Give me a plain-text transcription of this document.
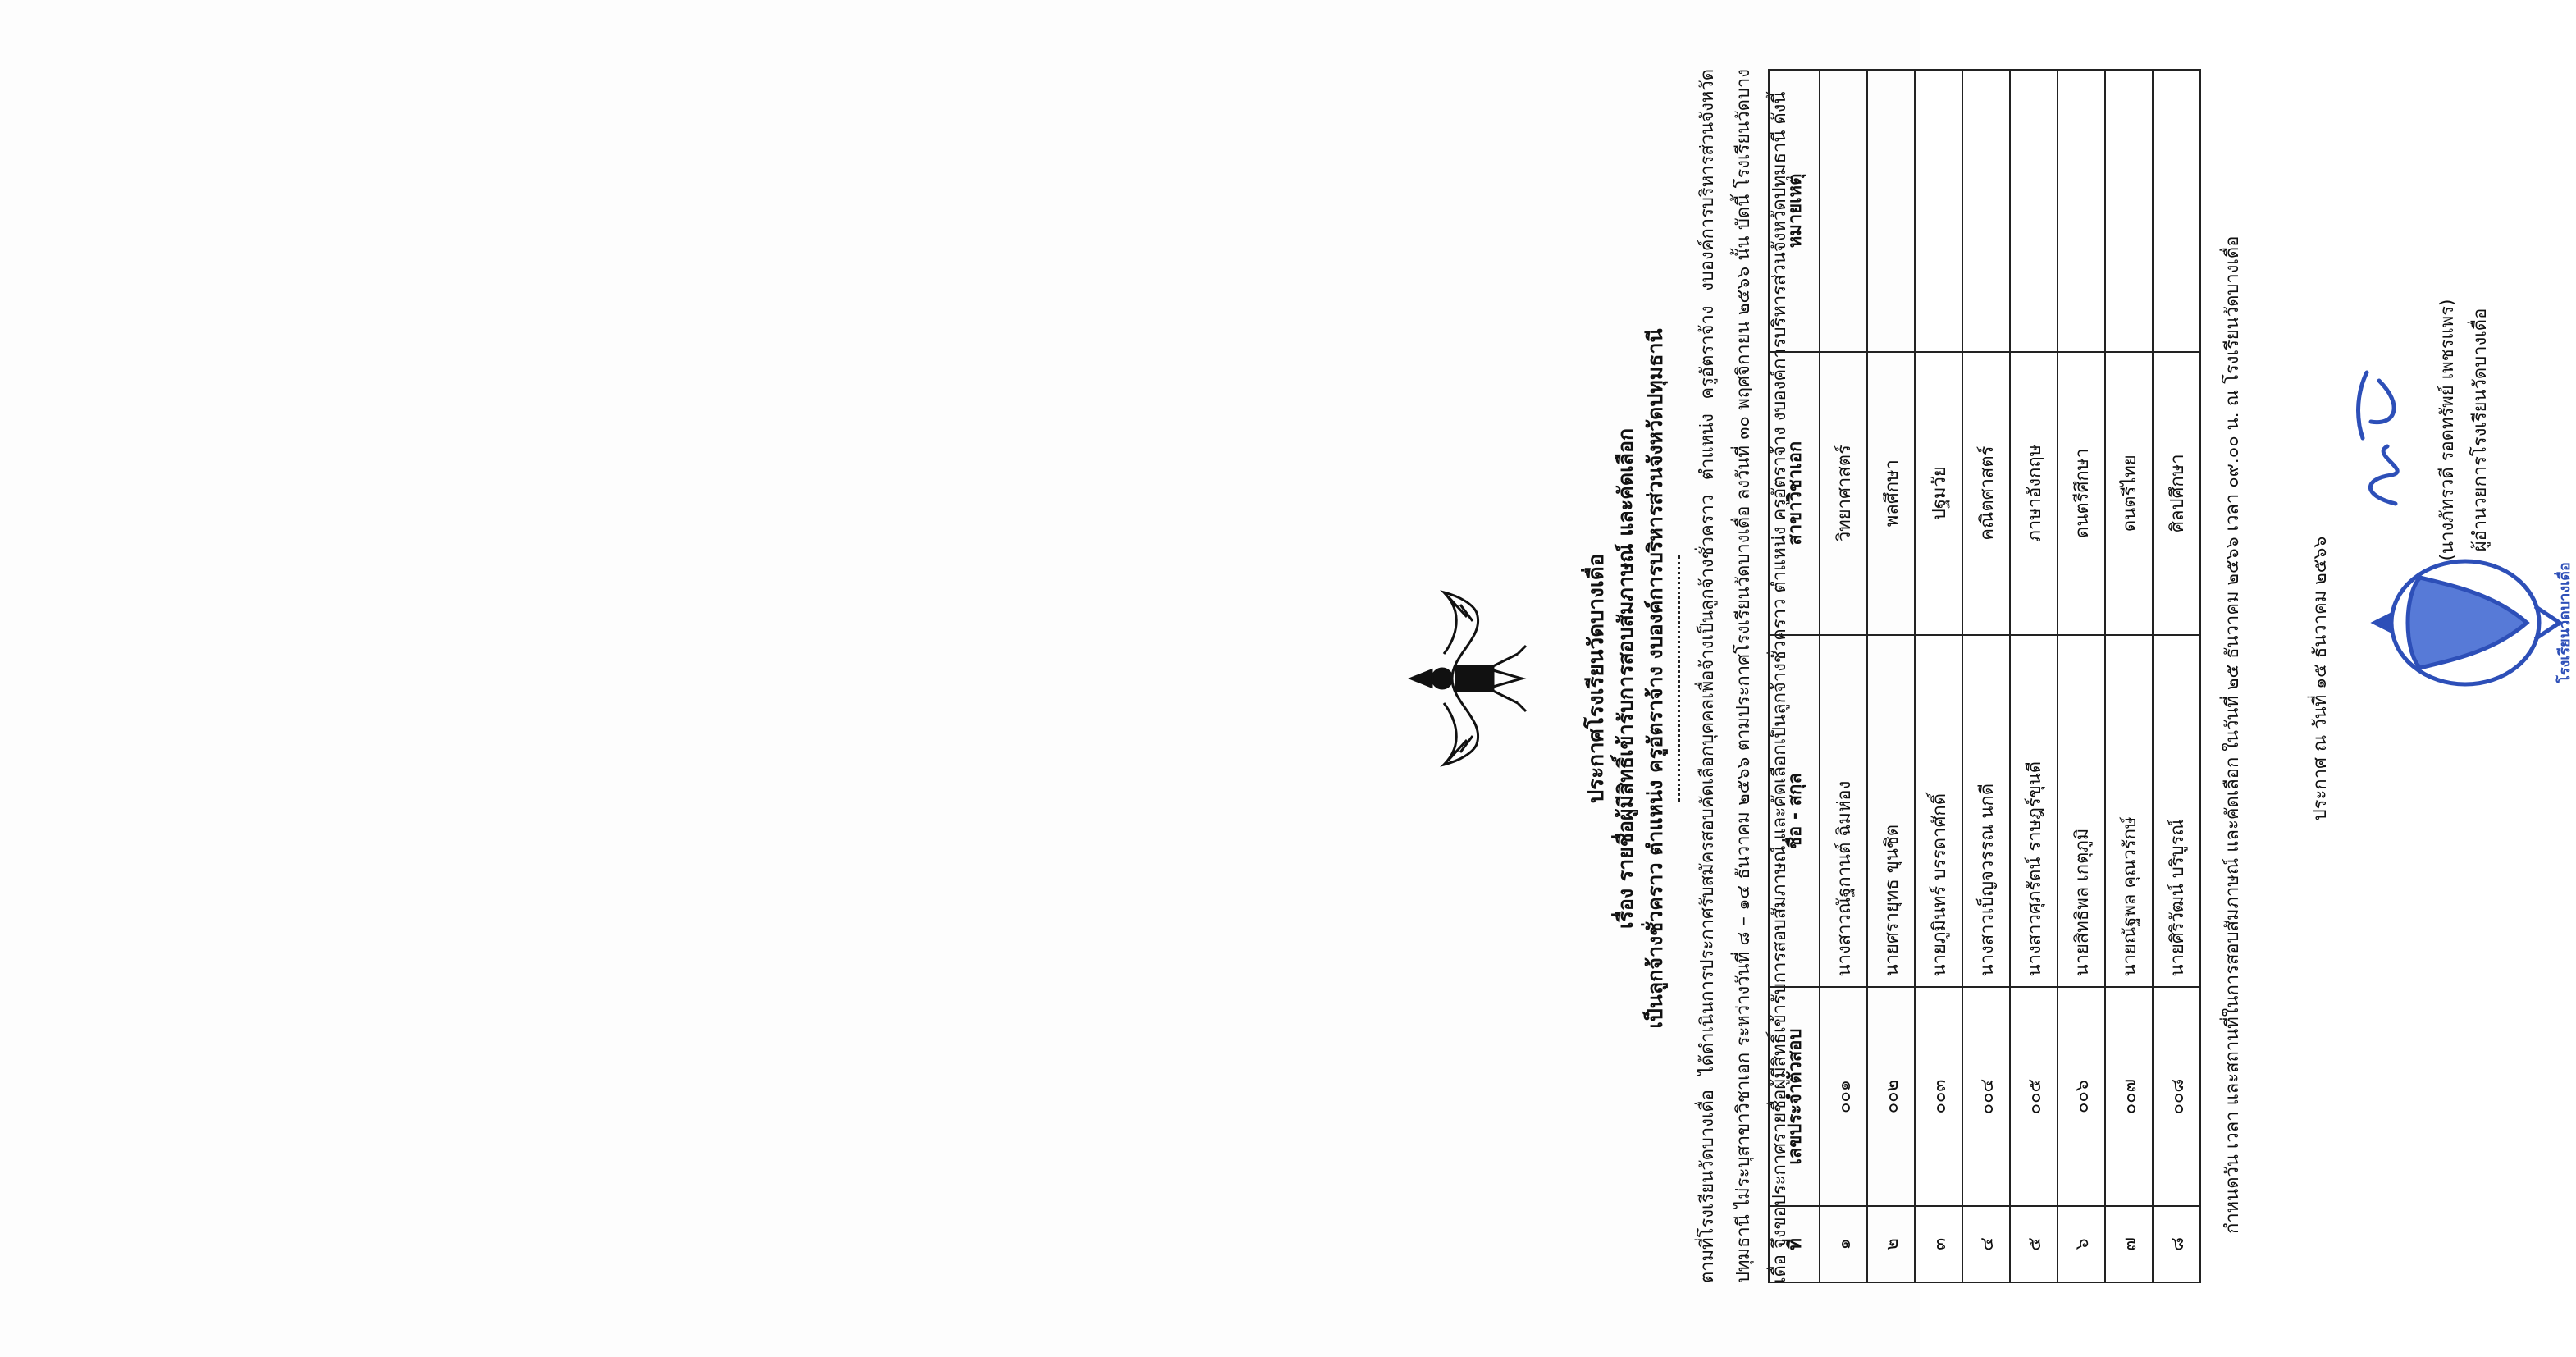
ประกาศโรงเรียนวัดบางเดื่อ เรื่อง รายชื่อผู้มีสิทธิ์เข้ารับการสอบสัมภาษณ์ และคัดเลือก เป็นลูกจ้างชั่วคราว ตำแหน่ง ครูอัตราจ้าง งบองค์การบริหารส่วนจังหวัดปทุมธานี	ตามที่โรงเรียนวัดบางเดื่อ ได้ดำเนินการประกาศรับสมัครสอบคัดเลือกบุคคลเพื่อจ้างเป็นลูกจ้างชั่วคราว ตำแหน่ง ครูอัตราจ้าง งบองค์การบริหารส่วนจังหวัดปทุมธานี ไม่ระบุสาขาวิชาเอก ระหว่างวันที่ ๘ – ๑๔ ธันวาคม ๒๕๖๖ ตามประกาศโรงเรียนวัดบางเดื่อ ลงวันที่ ๓๐ พฤศจิกายน ๒๕๖๖ นั้น บัดนี้ โรงเรียนวัดบางเดื่อ จึงขอประกาศรายชื่อผู้มีสิทธิ์เข้ารับการสอบสัมภาษณ์ และคัดเลือกเป็นลูกจ้างชั่วคราว ตำแหน่ง ครูอัตราจ้าง งบองค์การบริหารส่วนจังหวัดปทุมธานี ดังนี้
ที่	เลขประจำตัวสอบ	ชื่อ - สกุล	สาขาวิชาเอก	หมายเหตุ
๑	๐๐๑	นางสาวณัฐกานต์ ฉิมห่อง	วิทยาศาสตร์	
๒	๐๐๒	นายศรายุทธ ขุนชิต	พลศึกษา	
๓	๐๐๓	นายภูมินทร์ บรรดาศักดิ์	ปฐมวัย	
๔	๐๐๔	นางสาวเบ็ญจวรรณ นกดี	คณิตศาสตร์	
๕	๐๐๕	นางสาวศุภรัตน์ ราษฎร์ขุนดี	ภาษาอังกฤษ	
๖	๐๐๖	นายสิทธิพล เกตุภูมิ	ดนตรีศึกษา	
๗	๐๐๗	นายณัฐพล คุณวรักษ์	ดนตรีไทย	
๘	๐๐๘	นายศิริวัฒน์ บริบูรณ์	ศิลปศึกษา		กำหนดวัน เวลา และสถานที่ในการสอบสัมภาษณ์ และคัดเลือก ในวันที่ ๒๕ ธันวาคม ๒๕๖๖ เวลา ๐๙.๐๐ น. ณ โรงเรียนวัดบางเดื่อ	ประกาศ ณ วันที่ ๑๕ ธันวาคม ๒๕๖๖	โรงเรียนวัดบางเดื่อ
(นางภัทรวดี รอดทรัพย์ เพชรแพร) ผู้อำนวยการโรงเรียนวัดบางเดื่อ
